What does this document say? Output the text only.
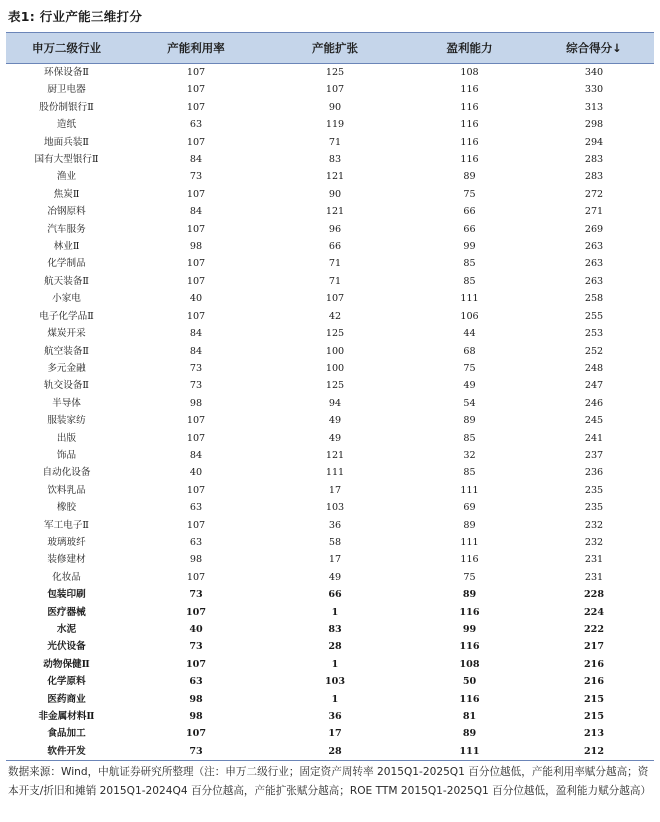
表1: 行业产能三维打分
申万二级行业	产能利用率	产能扩张	盈利能力	综合得分↓
环保设备Ⅱ	107	125	108	340
厨卫电器	107	107	116	330
股份制银行Ⅱ	107	90	116	313
造纸	63	119	116	298
地面兵装Ⅱ	107	71	116	294
国有大型银行Ⅱ	84	83	116	283
渔业	73	121	89	283
焦炭Ⅱ	107	90	75	272
冶钢原料	84	121	66	271
汽车服务	107	96	66	269
林业Ⅱ	98	66	99	263
化学制品	107	71	85	263
航天装备Ⅱ	107	71	85	263
小家电	40	107	111	258
电子化学品Ⅱ	107	42	106	255
煤炭开采	84	125	44	253
航空装备Ⅱ	84	100	68	252
多元金融	73	100	75	248
轨交设备Ⅱ	73	125	49	247
半导体	98	94	54	246
服装家纺	107	49	89	245
出版	107	49	85	241
饰品	84	121	32	237
自动化设备	40	111	85	236
饮料乳品	107	17	111	235
橡胶	63	103	69	235
军工电子Ⅱ	107	36	89	232
玻璃玻纤	63	58	111	232
装修建材	98	17	116	231
化妆品	107	49	75	231
包装印刷	73	66	89	228
医疗器械	107	1	116	224
水泥	40	83	99	222
光伏设备	73	28	116	217
动物保健Ⅱ	107	1	108	216
化学原料	63	103	50	216
医药商业	98	1	116	215
非金属材料Ⅱ	98	36	81	215
食品加工	107	17	89	213
软件开发	73	28	111	212
数据来源：Wind，中航证券研究所整理（注：申万二级行业；固定资产周转率 2015Q1-2025Q1 百分位越低，产能利用率赋分越高；资本开支/折旧和摊销 2015Q1-2024Q4 百分位越高，产能扩张赋分越高；ROE TTM 2015Q1-2025Q1 百分位越低，盈利能力赋分越高）
